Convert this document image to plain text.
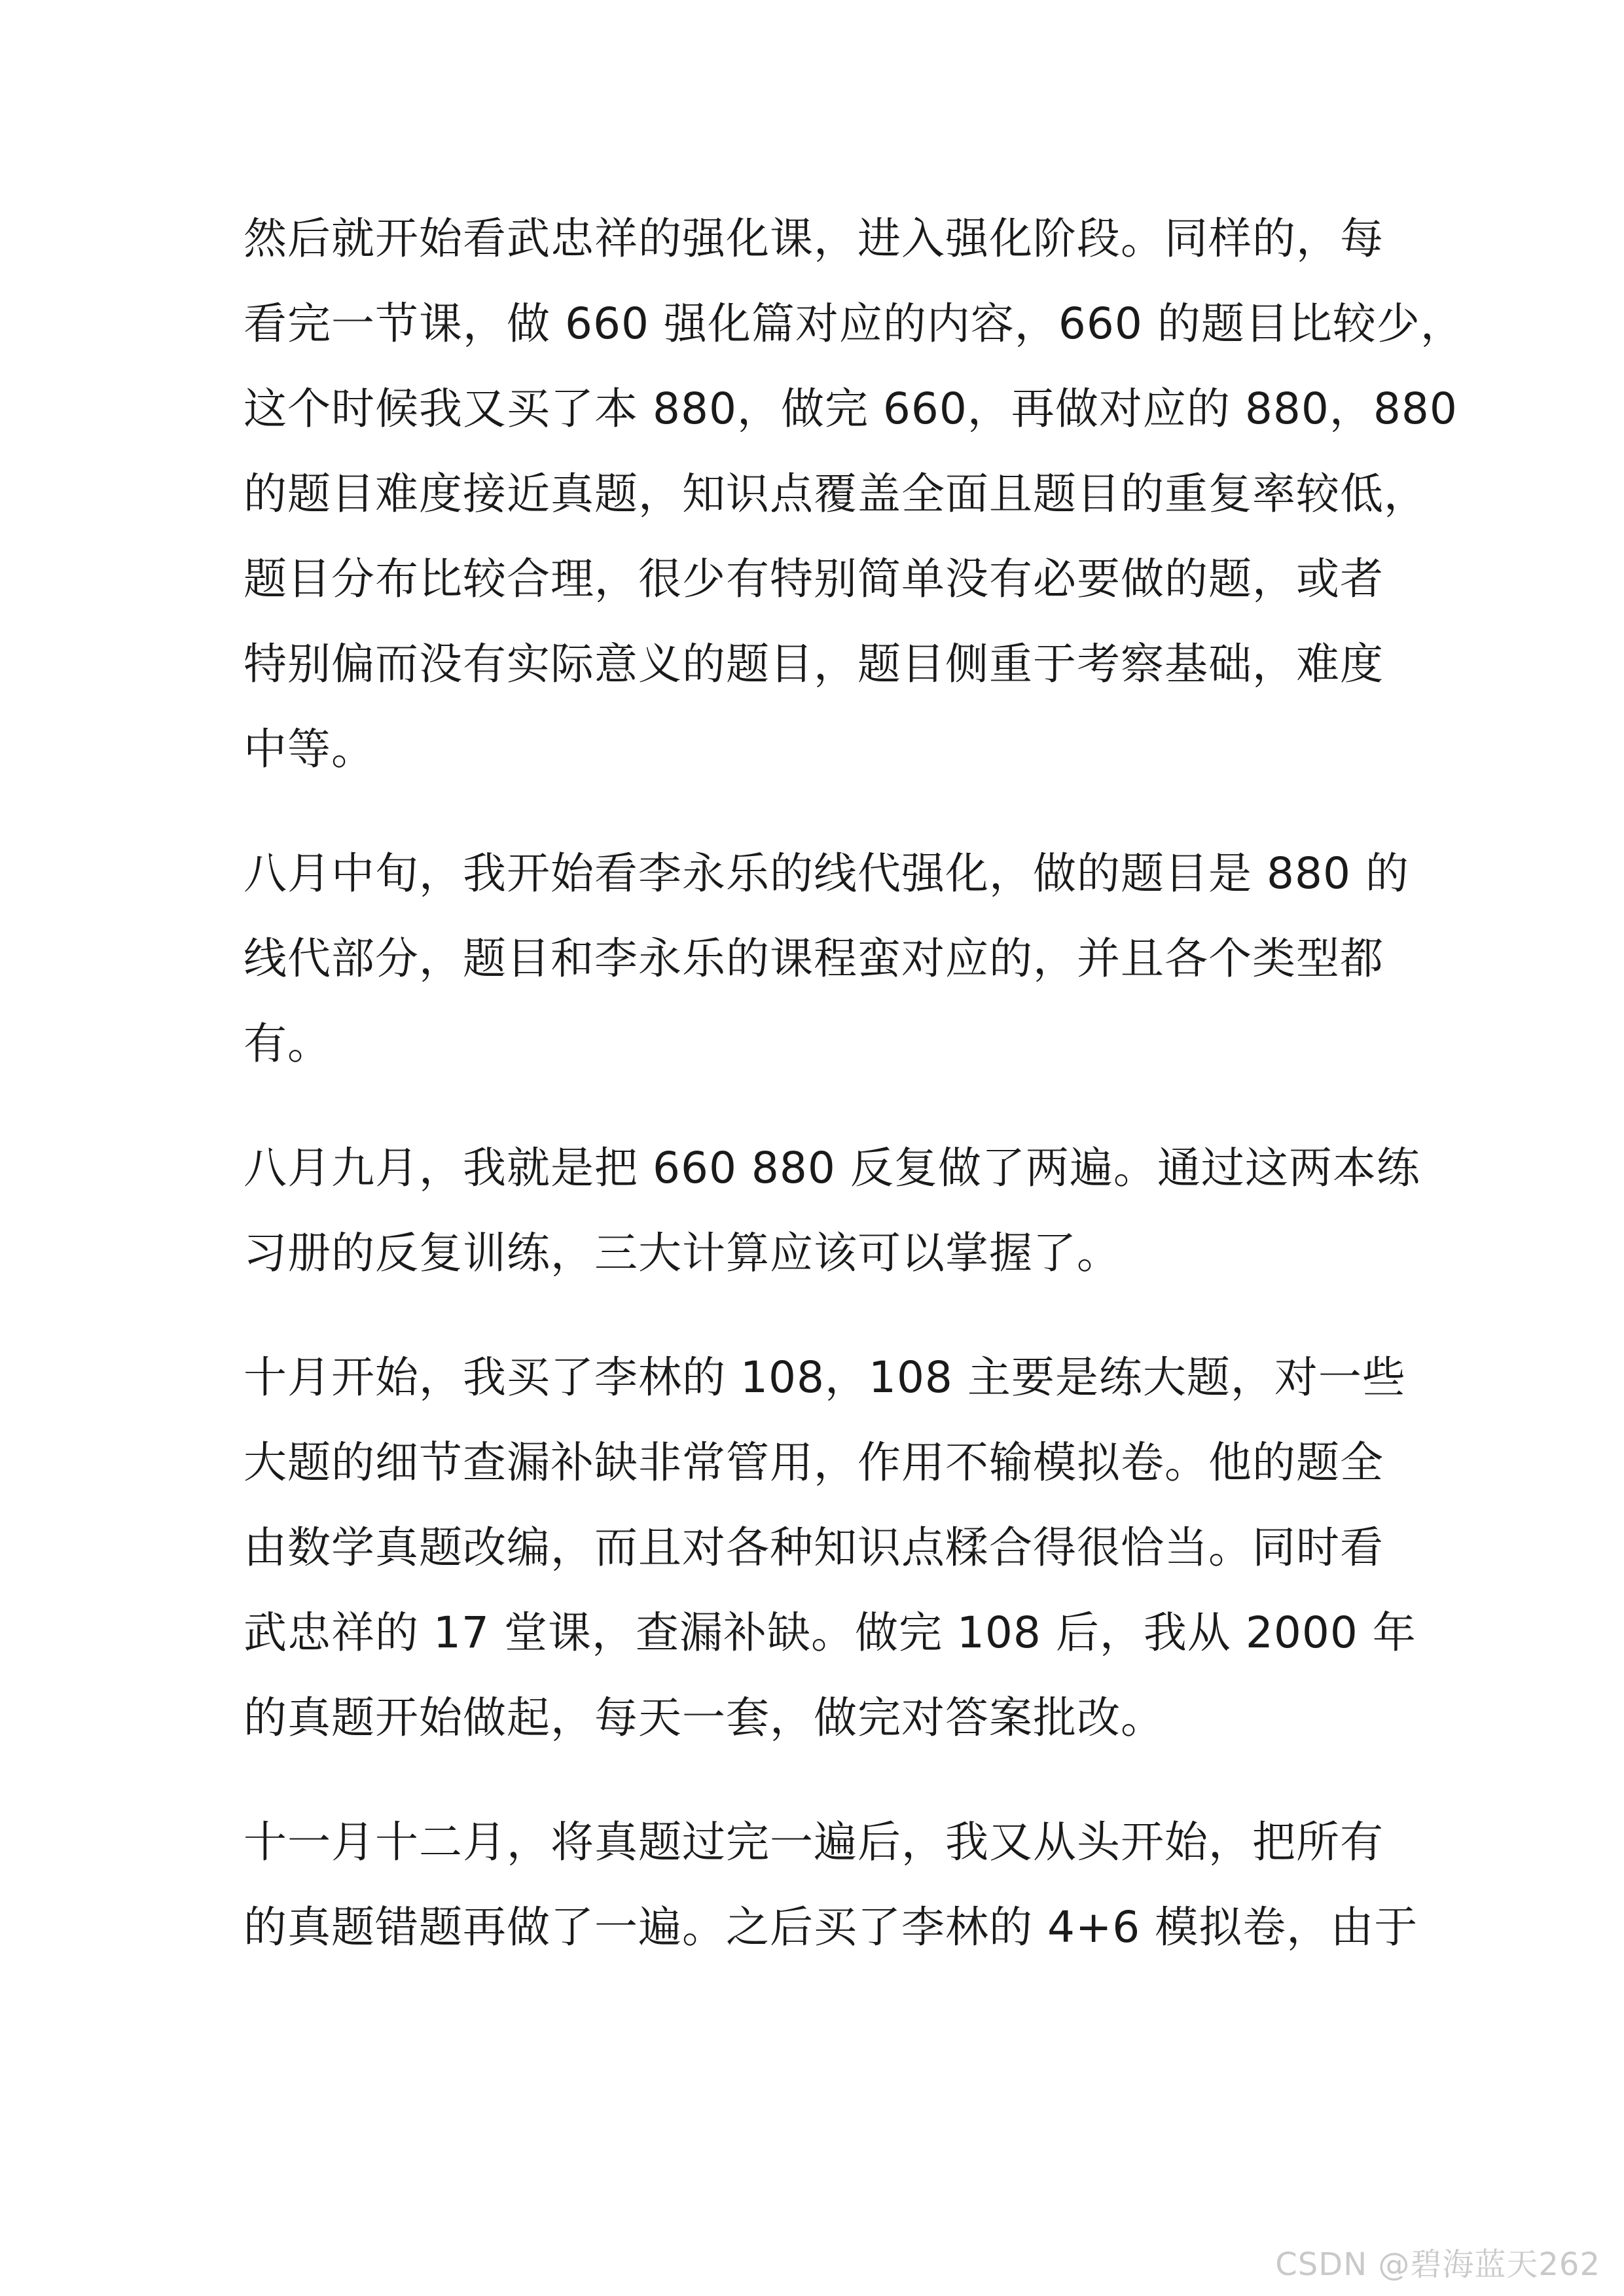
然后就开始看武忠祥的强化课，进入强化阶段。同样的，每
看完一节课，做 660 强化篇对应的内容，660 的题目比较少，
这个时候我又买了本 880，做完 660，再做对应的 880，880
的题目难度接近真题，知识点覆盖全面且题目的重复率较低，
题目分布比较合理，很少有特别简单没有必要做的题，或者
特别偏而没有实际意义的题目，题目侧重于考察基础，难度
中等。

八月中旬，我开始看李永乐的线代强化，做的题目是 880 的
线代部分，题目和李永乐的课程蛮对应的，并且各个类型都
有。

八月九月，我就是把 660 880 反复做了两遍。通过这两本练
习册的反复训练，三大计算应该可以掌握了。

十月开始，我买了李林的 108，108 主要是练大题，对一些
大题的细节查漏补缺非常管用，作用不输模拟卷。他的题全
由数学真题改编，而且对各种知识点糅合得很恰当。同时看
武忠祥的 17 堂课，查漏补缺。做完 108 后，我从 2000 年
的真题开始做起，每天一套，做完对答案批改。

十一月十二月，将真题过完一遍后，我又从头开始，把所有
的真题错题再做了一遍。之后买了李林的 4+6 模拟卷，由于

CSDN @碧海蓝天262
